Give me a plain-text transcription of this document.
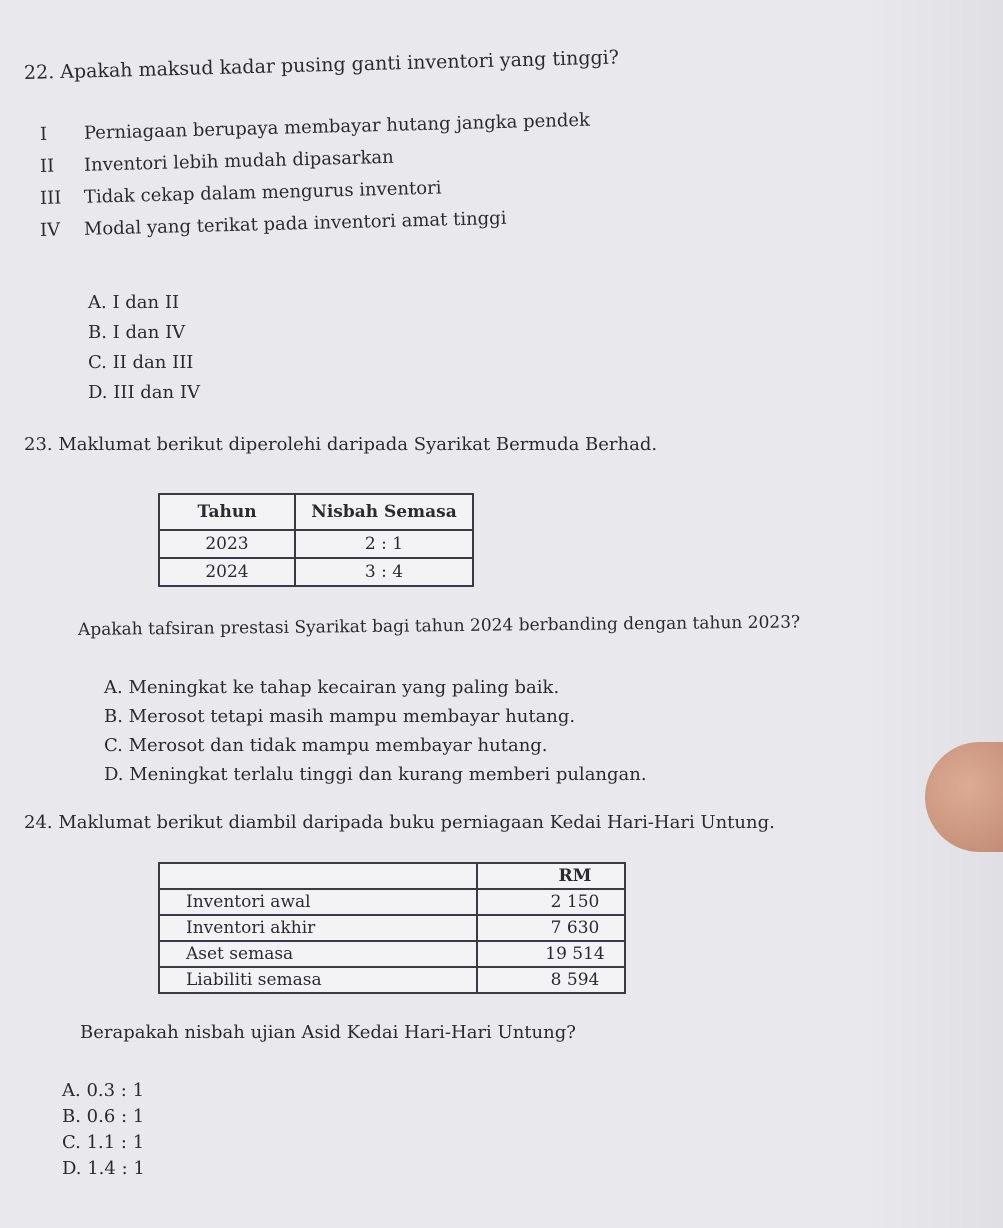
22. Apakah maksud kadar pusing ganti inventori yang tinggi?
I Perniagaan berupaya membayar hutang jangka pendek
II Inventori lebih mudah dipasarkan
III Tidak cekap dalam mengurus inventori
IV Modal yang terikat pada inventori amat tinggi
A. I dan II
B. I dan IV
C. II dan III
D. III dan IV
23. Maklumat berikut diperolehi daripada Syarikat Bermuda Berhad.
Tahun	Nisbah Semasa
2023	2 : 1
2024	3 : 4
Apakah tafsiran prestasi Syarikat bagi tahun 2024 berbanding dengan tahun 2023?
A. Meningkat ke tahap kecairan yang paling baik.
B. Merosot tetapi masih mampu membayar hutang.
C. Merosot dan tidak mampu membayar hutang.
D. Meningkat terlalu tinggi dan kurang memberi pulangan.
24. Maklumat berikut diambil daripada buku perniagaan Kedai Hari-Hari Untung.
	RM
Inventori awal	2 150
Inventori akhir	7 630
Aset semasa	19 514
Liabiliti semasa	8 594
Berapakah nisbah ujian Asid Kedai Hari-Hari Untung?
A. 0.3 : 1
B. 0.6 : 1
C. 1.1 : 1
D. 1.4 : 1
